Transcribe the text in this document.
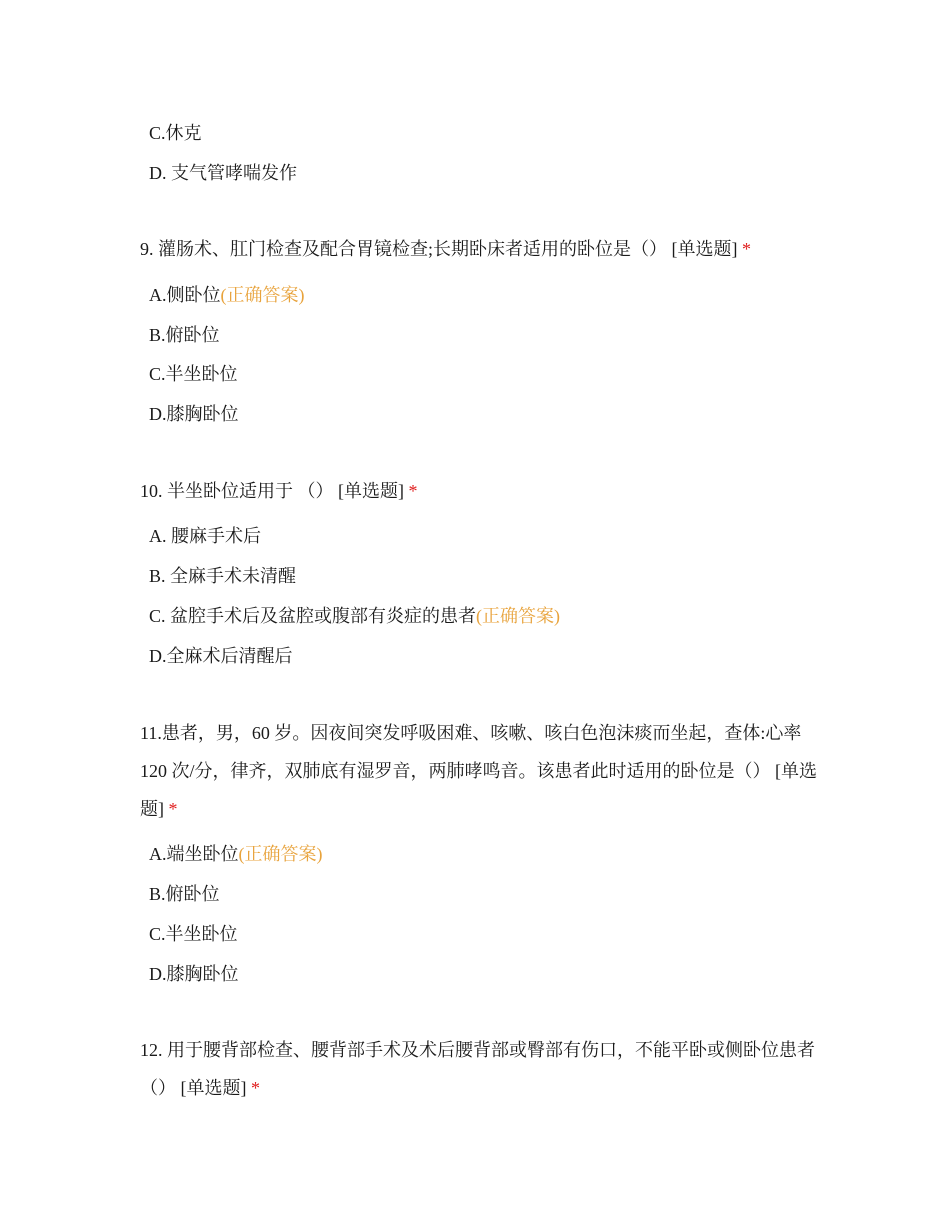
C.休克
D. 支气管哮喘发作
9. 灌肠术、肛门检查及配合胃镜检查;长期卧床者适用的卧位是（） [单选题] *
A.侧卧位(正确答案)
B.俯卧位
C.半坐卧位
D.膝胸卧位
10. 半坐卧位适用于 （） [单选题] *
A. 腰麻手术后
B. 全麻手术未清醒
C. 盆腔手术后及盆腔或腹部有炎症的患者(正确答案)
D.全麻术后清醒后
11.患者，男，60 岁。因夜间突发呼吸困难、咳嗽、咳白色泡沫痰而坐起，查体:心率 120 次/分，律齐，双肺底有湿罗音，两肺哮鸣音。该患者此时适用的卧位是（） [单选题] *
A.端坐卧位(正确答案)
B.俯卧位
C.半坐卧位
D.膝胸卧位
12. 用于腰背部检查、腰背部手术及术后腰背部或臀部有伤口，不能平卧或侧卧位患者（） [单选题] *
